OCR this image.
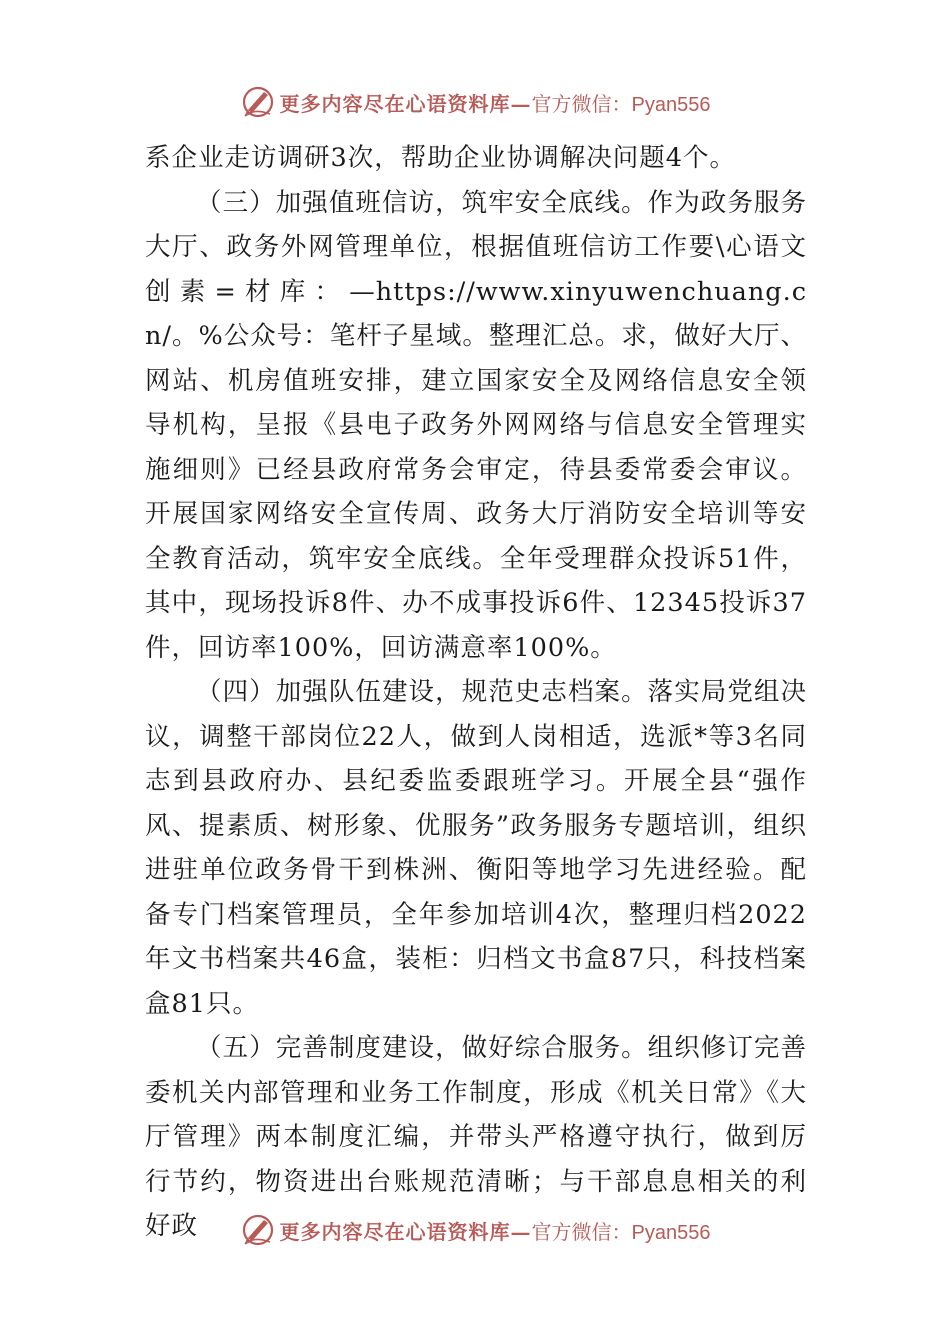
更多内容尽在心语资料库— 官方微信：Pyan556

系企业走访调研3次，帮助企业协调解决问题4个。

（三）加强值班信访，筑牢安全底线。作为政务服务大厅、政务外网管理单位，根据值班信访工作要\心语文创素=材库：—https://www.xinyuwenchuang.cn/。%公众号：笔杆子星域。整理汇总。求，做好大厅、网站、机房值班安排，建立国家安全及网络信息安全领导机构，呈报《县电子政务外网网络与信息安全管理实施细则》已经县政府常务会审定，待县委常委会审议。开展国家网络安全宣传周、政务大厅消防安全培训等安全教育活动，筑牢安全底线。全年受理群众投诉51件，其中，现场投诉8件、办不成事投诉6件、12345投诉37件，回访率100%，回访满意率100%。

（四）加强队伍建设，规范史志档案。落实局党组决议，调整干部岗位22人，做到人岗相适，选派*等3名同志到县政府办、县纪委监委跟班学习。开展全县“强作风、提素质、树形象、优服务”政务服务专题培训，组织进驻单位政务骨干到株洲、衡阳等地学习先进经验。配备专门档案管理员，全年参加培训4次，整理归档2022年文书档案共46盒，装柜：归档文书盒87只，科技档案盒81只。

（五）完善制度建设，做好综合服务。组织修订完善委机关内部管理和业务工作制度，形成《机关日常》《大厅管理》两本制度汇编，并带头严格遵守执行，做到厉行节约，物资进出台账规范清晰；与干部息息相关的利好政	更多内容尽在心语资料库— 官方微信：Pyan556
